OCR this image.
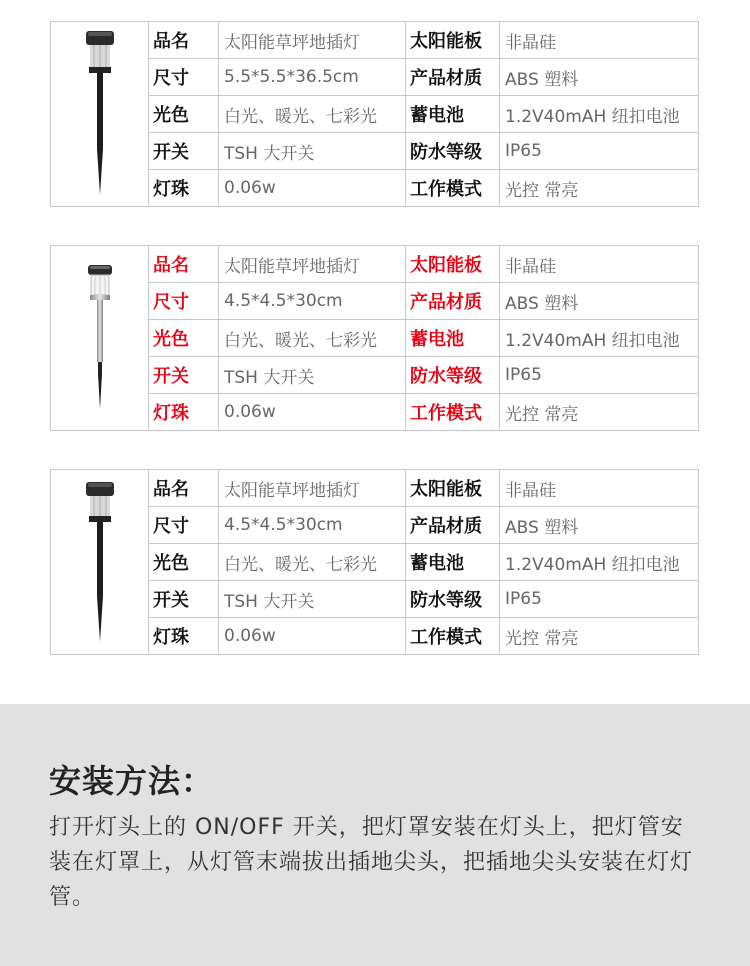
	品名	太阳能草坪地插灯	太阳能板	非晶硅
	尺寸	5.5*5.5*36.5cm	产品材质	ABS 塑料
	光色	白光、暖光、七彩光	蓄电池	1.2V40mAH 纽扣电池
	开关	TSH 大开关	防水等级	IP65
	灯珠	0.06w	工作模式	光控 常亮
	品名	太阳能草坪地插灯	太阳能板	非晶硅
	尺寸	4.5*4.5*30cm	产品材质	ABS 塑料
	光色	白光、暖光、七彩光	蓄电池	1.2V40mAH 纽扣电池
	开关	TSH 大开关	防水等级	IP65
	灯珠	0.06w	工作模式	光控 常亮
	品名	太阳能草坪地插灯	太阳能板	非晶硅
	尺寸	4.5*4.5*30cm	产品材质	ABS 塑料
	光色	白光、暖光、七彩光	蓄电池	1.2V40mAH 纽扣电池
	开关	TSH 大开关	防水等级	IP65
	灯珠	0.06w	工作模式	光控 常亮
安装方法：
打开灯头上的 ON/OFF 开关，把灯罩安装在灯头上，把灯管安装在灯罩上，从灯管末端拔出插地尖头，把插地尖头安装在灯灯管。
